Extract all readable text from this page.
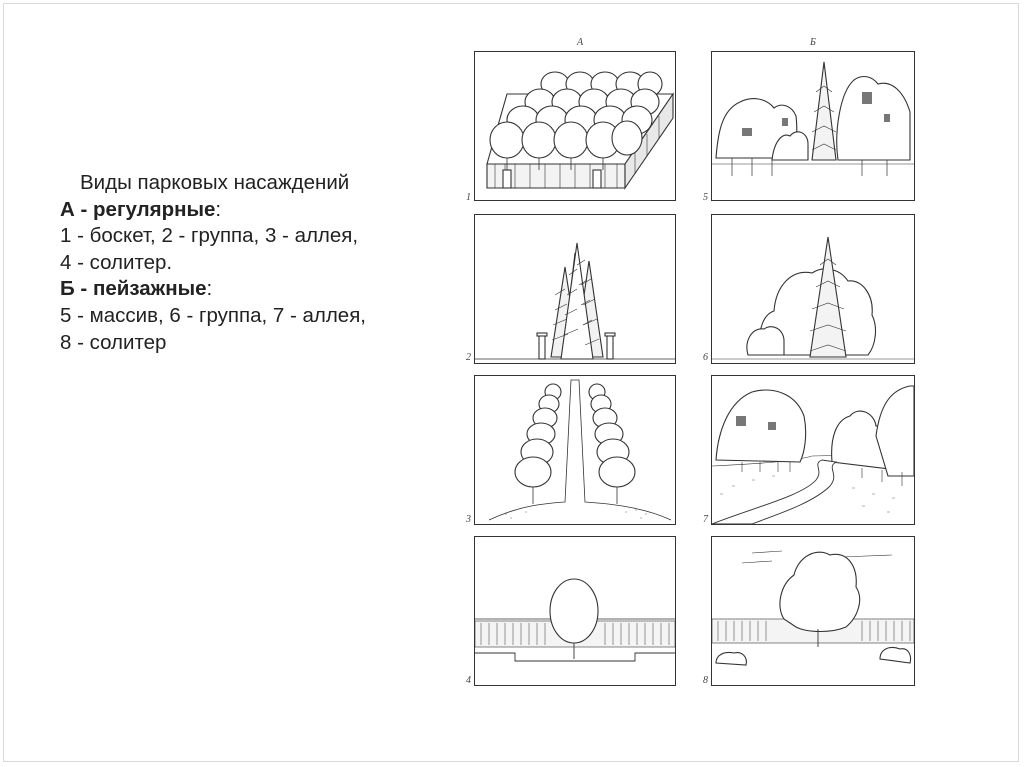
Виды парковых насаждений
А - регулярные:
1 - боскет, 2 - группа, 3 - аллея,
4 - солитер.
Б - пейзажные:
5 - массив, 6 - группа, 7 - аллея,
8 - солитер
А	Б
1
2
3
4
5
6
7
8
